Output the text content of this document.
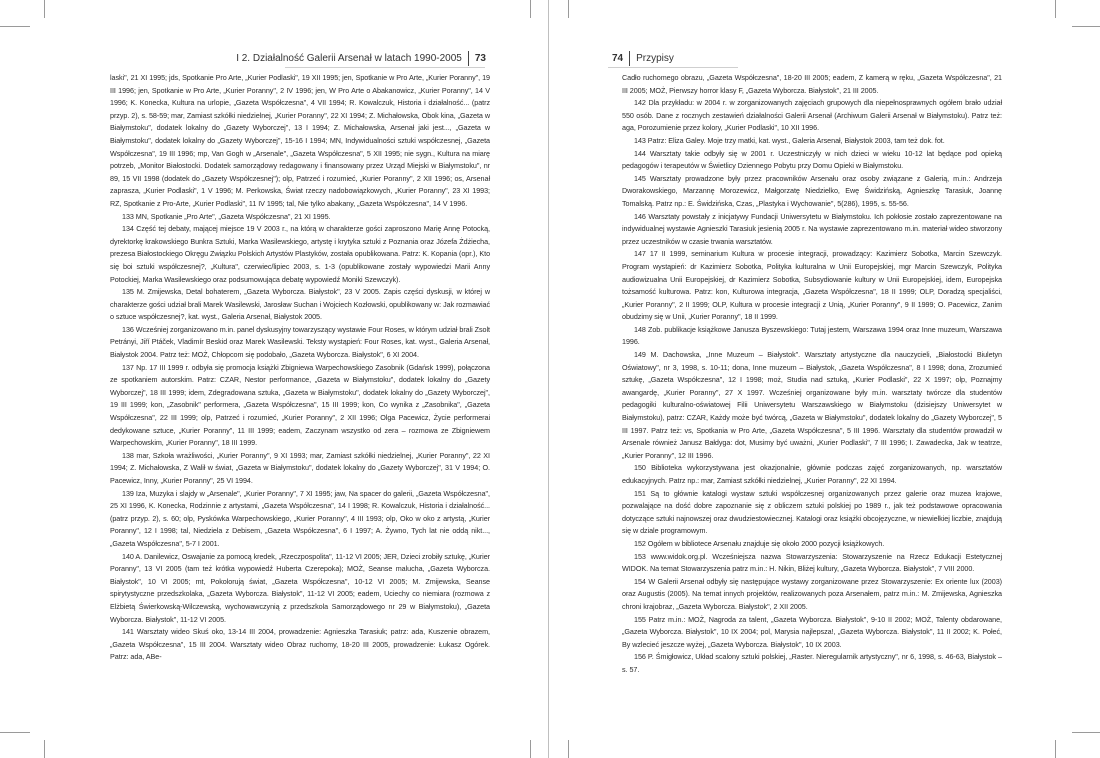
I 2. Działalność Galerii Arsenał w latach 1990-2005 73

laski", 21 XI 1995; jds, Spotkanie Pro Arte, „Kurier Podlaski", 19 XII 1995; jen, Spotkanie w Pro Arte, „Kurier Poranny", 19 III 1996; jen, Spotkanie w Pro Arte, „Kurier Poranny", 2 IV 1996; jen, W Pro Arte o Abakanowicz, „Kurier Poranny", 14 V 1996; K. Konecka, Kultura na urlopie, „Gazeta Współczesna", 4 VII 1994; R. Kowalczuk, Historia i działalność... (patrz przyp. 2), s. 58-59; mar, Zamiast szkółki niedzielnej, „Kurier Poranny", 22 XI 1994; Z. Michałowska, Obok kina, „Gazeta w Białymstoku", dodatek lokalny do „Gazety Wyborczej", 13 I 1994; Z. Michałowska, Arsenał jaki jest..., „Gazeta w Białymstoku", dodatek lokalny do „Gazety Wyborczej", 15-16 I 1994; MN, Indywidualności sztuki współczesnej, „Gazeta Współczesna", 19 III 1996; mp, Van Gogh w „Arsenale", „Gazeta Współczesna", 5 XII 1995; nie sygn., Kultura na miarę potrzeb, „Monitor Białostocki. Dodatek samorządowy redagowany i finansowany przez Urząd Miejski w Białymstoku", nr 89, 15 VII 1998 (dodatek do „Gazety Współczesnej"); olp, Patrzeć i rozumieć, „Kurier Poranny", 2 XII 1996; os, Arsenał zaprasza, „Kurier Podlaski", 1 V 1996; M. Perkowska, Świat rzeczy nadobowiązkowych, „Kurier Poranny", 23 XI 1993; RZ, Spotkanie z Pro-Arte, „Kurier Podlaski", 11 IV 1995; tal, Nie tylko abakany, „Gazeta Współczesna", 14 V 1996.

133 MN, Spotkanie „Pro Arte", „Gazeta Współczesna", 21 XI 1995.

134 Część tej debaty, mającej miejsce 19 V 2003 r., na którą w charakterze gości zaproszono Marię Annę Potocką, dyrektorkę krakowskiego Bunkra Sztuki, Marka Wasilewskiego, artystę i krytyka sztuki z Poznania oraz Józefa Żdżiecha, prezesa Białostockiego Okręgu Związku Polskich Artystów Plastyków, została opublikowana. Patrz: K. Kopania (opr.), Kto się boi sztuki współczesnej?, „Kultura", czerwiec/lipiec 2003, s. 1-3 (opublikowane zostały wypowiedzi Marii Anny Potockiej, Marka Wasilewskiego oraz podsumowująca debatę wypowiedź Moniki Szewczyk).

135 M. Zmijewska, Detal bohaterem, „Gazeta Wyborcza. Białystok", 23 V 2005. Zapis części dyskusji, w której w charakterze gości udział brali Marek Wasilewski, Jarosław Suchan i Wojciech Kozłowski, opublikowany w: Jak rozmawiać o sztuce współczesnej?, kat. wyst., Galeria Arsenał, Białystok 2005.

136 Wcześniej zorganizowano m.in. panel dyskusyjny towarzyszący wystawie Four Roses, w którym udział brali Zsolt Petrányi, Jiří Ptáček, Vladimír Beskid oraz Marek Wasilewski. Teksty wystąpień: Four Roses, kat. wyst., Galeria Arsenał, Białystok 2004. Patrz też: MOŻ, Chłopcom się podobało, „Gazeta Wyborcza. Białystok", 6 XI 2004.

137 Np. 17 III 1999 r. odbyła się promocja książki Zbigniewa Warpechowskiego Zasobnik (Gdańsk 1999), połączona ze spotkaniem autorskim. Patrz: CZAR, Nestor performance, „Gazeta w Białymstoku", dodatek lokalny do „Gazety Wyborczej", 18 III 1999; idem, Zdegradowana sztuka, „Gazeta w Białymstoku", dodatek lokalny do „Gazety Wyborczej", 19 III 1999; kon, „Zasobnik" performera, „Gazeta Współczesna", 15 III 1999; kon, Co wynika z „Zasobnika", „Gazeta Współczesna", 22 III 1999; olp, Patrzeć i rozumieć, „Kurier Poranny", 2 XII 1996; Olga Pacewicz, Życie performerai dedykowane sztuce, „Kurier Poranny", 11 III 1999; eadem, Zaczynam wszystko od zera – rozmowa ze Zbigniewem Warpechowskim, „Kurier Poranny", 18 III 1999.

138 mar, Szkoła wrażliwości, „Kurier Poranny", 9 XI 1993; mar, Zamiast szkółki niedzielnej, „Kurier Poranny", 22 XI 1994; Z. Michałowska, Z Walił w świat, „Gazeta w Białymstoku", dodatek lokalny do „Gazety Wyborczej", 31 V 1994; O. Pacewicz, Inny, „Kurier Poranny", 25 VI 1994.

139 Iza, Muzyka i slajdy w „Arsenale", „Kurier Poranny", 7 XI 1995; jaw, Na spacer do galerii, „Gazeta Współczesna", 25 XI 1996, K. Konecka, Rodzinnie z artystami, „Gazeta Współczesna", 14 I 1998; R. Kowalczuk, Historia i działalność... (patrz przyp. 2), s. 60; olp, Pyskówka Warpechowskiego, „Kurier Poranny", 4 III 1993; olp, Oko w oko z artystą, „Kurier Poranny", 12 I 1998; tal, Niedziela z Debisem, „Gazeta Współczesna", 6 I 1997; A. Żywno, Tych lat nie oddą nikt..., „Gazeta Współczesna", 5-7 I 2001.

140 A. Danilewicz, Oswajanie za pomocą kredek, „Rzeczpospolita", 11-12 VI 2005; JER, Dzieci zrobiły sztukę, „Kurier Poranny", 13 VI 2005 (tam też krótka wypowiedź Huberta Czerepoka); MOŻ, Seanse malucha, „Gazeta Wyborcza. Białystok", 10 VI 2005; mt, Pokolorują świat, „Gazeta Współczesna", 10-12 VI 2005; M. Zmijewska, Seanse spirytystyczne przedszkolaka, „Gazeta Wyborcza. Białystok", 11-12 VI 2005; eadem, Uciechy co niemiara (rozmowa z Elżbietą Świerkowską-Wilczewską, wychowawczynią z przedszkola Samorządowego nr 29 w Białymstoku), „Gazeta Wyborcza. Białystok", 11-12 VI 2005.

141 Warsztaty wideo Skuś oko, 13-14 III 2004, prowadzenie: Agnieszka Tarasiuk; patrz: ada, Kuszenie obrazem, „Gazeta Współczesna", 15 III 2004. Warsztaty wideo Obraz ruchomy, 18-20 III 2005, prowadzenie: Łukasz Ogórek. Patrz: ada, ABe-

74 Przypisy

Cadło ruchomego obrazu, „Gazeta Współczesna", 18-20 III 2005; eadem, Z kamerą w ręku, „Gazeta Współczesna", 21 III 2005; MOŻ, Pierwszy horror klasy F, „Gazeta Wyborcza. Białystok", 21 III 2005.

142 Dla przykładu: w 2004 r. w zorganizowanych zajęciach grupowych dla niepełnosprawnych ogółem brało udział 550 osób. Dane z rocznych zestawień działalności Galerii Arsenał (Archiwum Galerii Arsenał w Białymstoku). Patrz też: aga, Porozumienie przez kolory, „Kurier Podlaski", 10 XII 1996.

143 Patrz: Eliza Galey. Moje trzy matki, kat. wyst., Galeria Arsenał, Białystok 2003, tam też dok. fot.

144 Warsztaty takie odbyły się w 2001 r. Uczestniczyły w nich dzieci w wieku 10-12 lat będące pod opieką pedagogów i terapeutów w Świetlicy Dziennego Pobytu przy Domu Opieki w Białymstoku.

145 Warsztaty prowadzone były przez pracowników Arsenału oraz osoby związane z Galerią, m.in.: Andrzeja Dworakowskiego, Marzannę Morozewicz, Małgorzatę Niedzielko, Ewę Świdzińską, Agnieszkę Tarasiuk, Joannę Tomalską. Patrz np.: E. Świdzińska, Czas, „Plastyka i Wychowanie", 5(286), 1995, s. 55-56.

146 Warsztaty powstały z inicjatywy Fundacji Uniwersytetu w Białymstoku. Ich pokłosie zostało zaprezentowane na indywidualnej wystawie Agnieszki Tarasiuk jesienią 2005 r. Na wystawie zaprezentowano m.in. materiał wideo stworzony przez uczestników w czasie trwania warsztatów.

147 17 II 1999, seminarium Kultura w procesie integracji, prowadzący: Kazimierz Sobotka, Marcin Szewczyk. Program wystąpień: dr Kazimierz Sobotka, Polityka kulturalna w Unii Europejskiej, mgr Marcin Szewczyk, Polityka audiowizualna Unii Europejskiej, dr Kazimierz Sobotka, Subsydiowanie kultury w Unii Europejskiej, idem, Europejska tożsamość kulturowa. Patrz: kon, Kulturowa integracja, „Gazeta Współczesna", 18 II 1999; OLP, Doradzą specjaliści, „Kurier Poranny", 2 II 1999; OLP, Kultura w procesie integracji z Unią, „Kurier Poranny", 9 II 1999; O. Pacewicz, Zanim obudzimy się w Unii, „Kurier Poranny", 18 II 1999.

148 Zob. publikacje książkowe Janusza Byszewskiego: Tutaj jestem, Warszawa 1994 oraz Inne muzeum, Warszawa 1996.

149 M. Dachowska, „Inne Muzeum – Białystok". Warsztaty artystyczne dla nauczycieli, „Białostocki Biuletyn Oświatowy", nr 3, 1998, s. 10-11; dona, Inne muzeum – Białystok, „Gazeta Współczesna", 8 I 1998; dona, Zrozumieć sztukę, „Gazeta Współczesna", 12 I 1998; moż, Studia nad sztuką, „Kurier Podlaski", 22 X 1997; olp, Poznajmy awangardę, „Kurier Poranny", 27 X 1997. Wcześniej organizowane były m.in. warsztaty twórcze dla studentów pedagogiki kulturalno-oświatowej Filii Uniwersytetu Warszawskiego w Białymstoku (dzisiejszy Uniwersytet w Białymstoku), patrz: CZAR, Każdy może być twórcą, „Gazeta w Białymstoku", dodatek lokalny do „Gazety Wyborczej", 5 III 1997. Patrz też: vs, Spotkania w Pro Arte, „Gazeta Współczesna", 5 III 1996. Warsztaty dla studentów prowadził w Arsenale również Janusz Bałdyga: dot, Musimy być uważni, „Kurier Podlaski", 7 III 1996; I. Zawadecka, Jak w teatrze, „Kurier Poranny", 12 III 1996.

150 Biblioteka wykorzystywana jest okazjonalnie, głównie podczas zajęć zorganizowanych, np. warsztatów edukacyjnych. Patrz np.: mar, Zamiast szkółki niedzielnej, „Kurier Poranny", 22 XI 1994.

151 Są to głównie katalogi wystaw sztuki współczesnej organizowanych przez galerie oraz muzea krajowe, pozwalające na dość dobre zapoznanie się z obliczem sztuki polskiej po 1989 r., jak też podstawowe opracowania dotyczące sztuki najnowszej oraz dwudziestowiecznej. Katalogi oraz książki obcojęzyczne, w niewielkiej liczbie, znajdują się w dziale programowym.

152 Ogółem w bibliotece Arsenału znajduje się około 2000 pozycji książkowych.

153 www.widok.org.pl. Wcześniejsza nazwa Stowarzyszenia: Stowarzyszenie na Rzecz Edukacji Estetycznej WIDOK. Na temat Stowarzyszenia patrz m.in.: H. Nikin, Bliżej kultury, „Gazeta Wyborcza. Białystok", 7 VIII 2000.

154 W Galerii Arsenał odbyły się następujące wystawy zorganizowane przez Stowarzyszenie: Ex oriente lux (2003) oraz Augustis (2005). Na temat innych projektów, realizowanych poza Arsenałem, patrz m.in.: M. Zmijewska, Agnieszka chroni krajobraz, „Gazeta Wyborcza. Białystok", 2 XII 2005.

155 Patrz m.in.: MOŻ, Nagroda za talent, „Gazeta Wyborcza. Białystok", 9-10 II 2002; MOŻ, Talenty obdarowane, „Gazeta Wyborcza. Białystok", 10 IX 2004; pol, Marysia najlepsza!, „Gazeta Wyborcza. Białystok", 11 II 2002; K. Połeć, By wzlecieć jeszcze wyżej, „Gazeta Wyborcza. Białystok", 10 IX 2003.

156 P. Śmigłowicz, Układ scalony sztuki polskiej, „Raster. Nieregularnik artystyczny", nr 6, 1998, s. 46-63, Białystok – s. 57.
